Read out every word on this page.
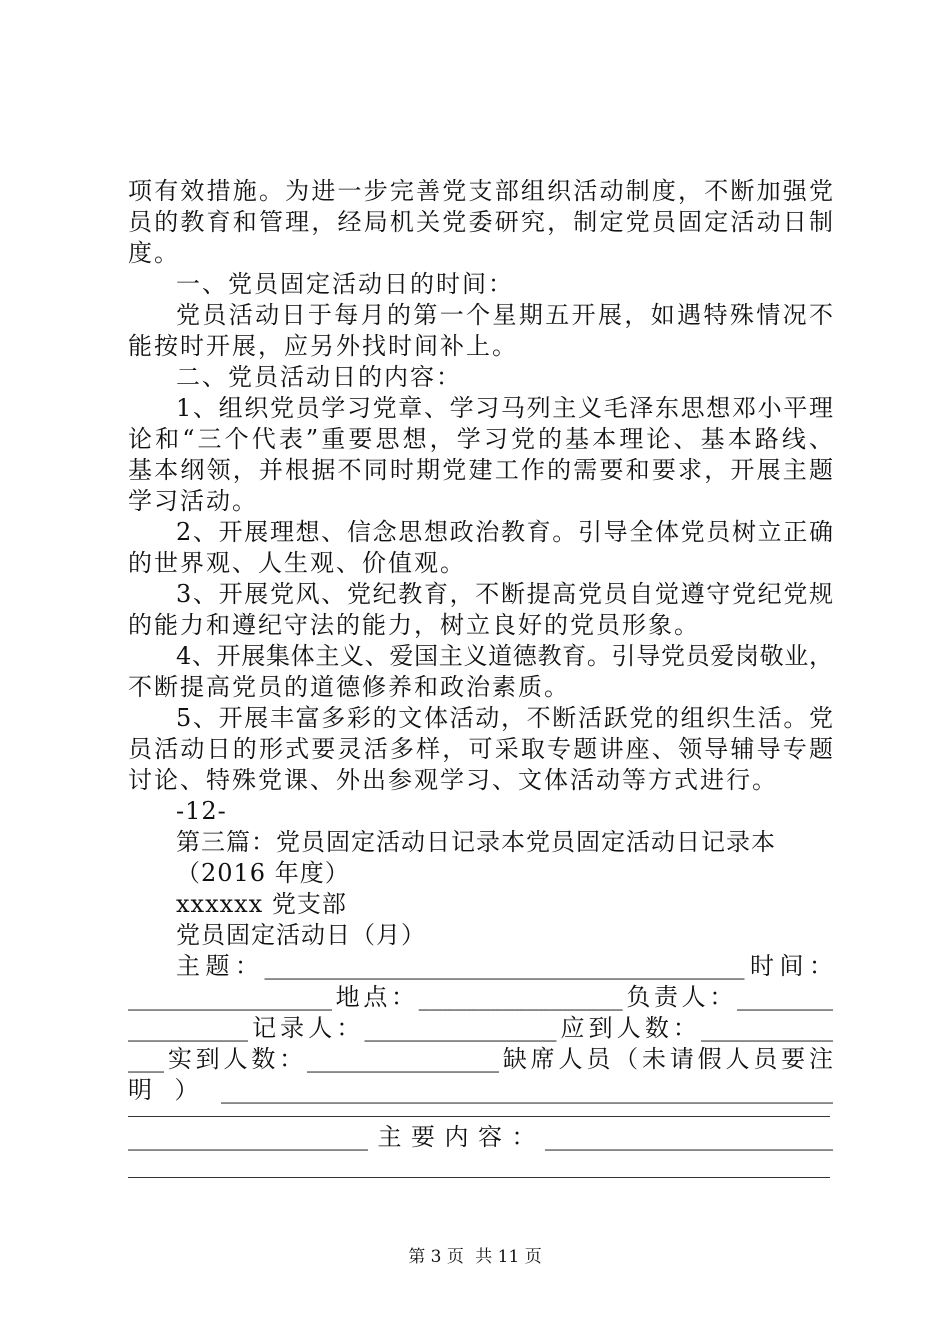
项有效措施。为进一步完善党支部组织活动制度，不断加强党
员的教育和管理，经局机关党委研究，制定党员固定活动日制
度。
一、党员固定活动日的时间：
党员活动日于每月的第一个星期五开展，如遇特殊情况不
能按时开展，应另外找时间补上。
二、党员活动日的内容：
1、组织党员学习党章、学习马列主义毛泽东思想邓小平理
论和“三个代表”重要思想，学习党的基本理论、基本路线、
基本纲领，并根据不同时期党建工作的需要和要求，开展主题
学习活动。
2、开展理想、信念思想政治教育。引导全体党员树立正确
的世界观、人生观、价值观。
3、开展党风、党纪教育，不断提高党员自觉遵守党纪党规
的能力和遵纪守法的能力，树立良好的党员形象。
4、开展集体主义、爱国主义道德教育。引导党员爱岗敬业，
不断提高党员的道德修养和政治素质。
5、开展丰富多彩的文体活动，不断活跃党的组织生活。党
员活动日的形式要灵活多样，可采取专题讲座、领导辅导专题
讨论、特殊党课、外出参观学习、文体活动等方式进行。
-12-
第三篇：党员固定活动日记录本党员固定活动日记录本
（2016 年度）
xxxxxx 党支部
党员固定活动日（月）
主题：________________________________________时间：
_________________地点：_________________负责人：________
__________记录人：________________应到人数：___________
___实到人数：________________缺席人员（未请假人员要注
明）___________________________________________________
____________________主要内容：________________________
第 3 页 共 11 页
